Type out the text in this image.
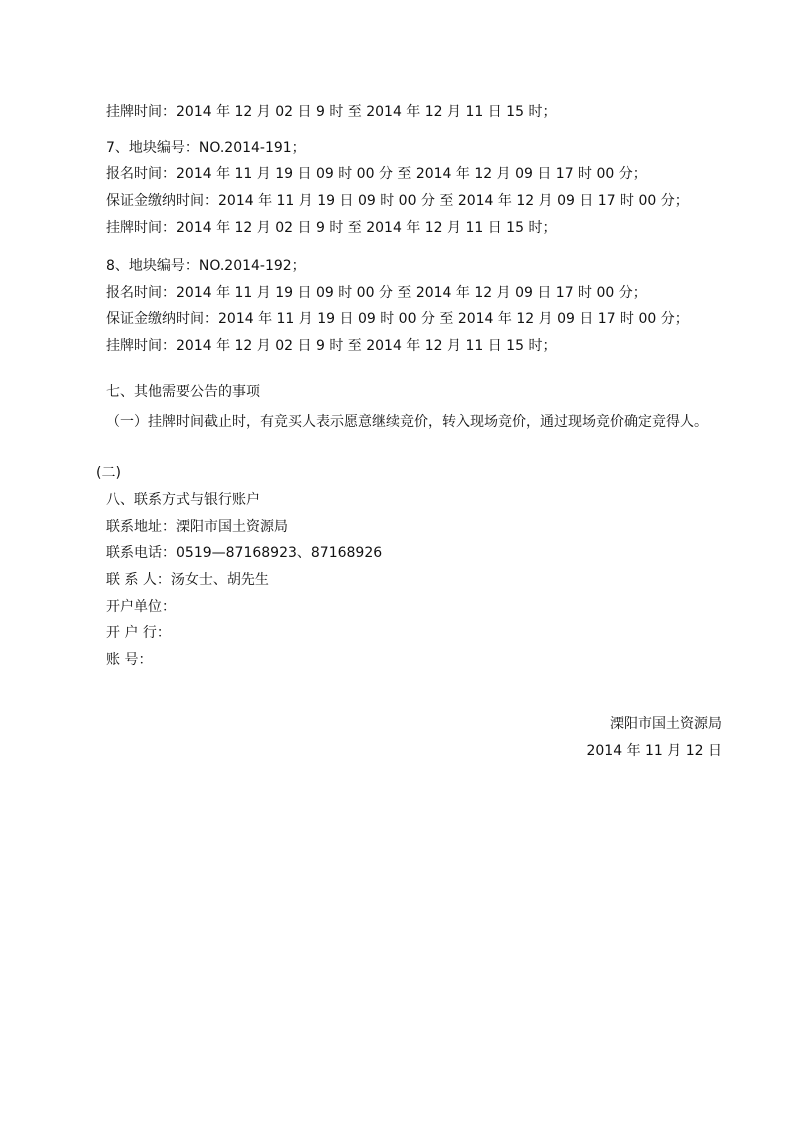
挂牌时间：2014 年 12 月 02 日 9 时 至 2014 年 12 月 11 日 15 时；
7、地块编号：NO.2014-191；
报名时间：2014 年 11 月 19 日 09 时 00 分 至 2014 年 12 月 09 日 17 时 00 分；
保证金缴纳时间：2014 年 11 月 19 日 09 时 00 分 至 2014 年 12 月 09 日 17 时 00 分；
挂牌时间：2014 年 12 月 02 日 9 时 至 2014 年 12 月 11 日 15 时；
8、地块编号：NO.2014-192；
报名时间：2014 年 11 月 19 日 09 时 00 分 至 2014 年 12 月 09 日 17 时 00 分；
保证金缴纳时间：2014 年 11 月 19 日 09 时 00 分 至 2014 年 12 月 09 日 17 时 00 分；
挂牌时间：2014 年 12 月 02 日 9 时 至 2014 年 12 月 11 日 15 时；
七、其他需要公告的事项
（一）挂牌时间截止时，有竞买人表示愿意继续竞价，转入现场竞价，通过现场竞价确定竞得人。
(二)
八、联系方式与银行账户
联系地址：溧阳市国土资源局
联系电话：0519—87168923、87168926
联 系 人：汤女士、胡先生
开户单位：
开 户 行：
账 号：
溧阳市国土资源局
2014 年 11 月 12 日
